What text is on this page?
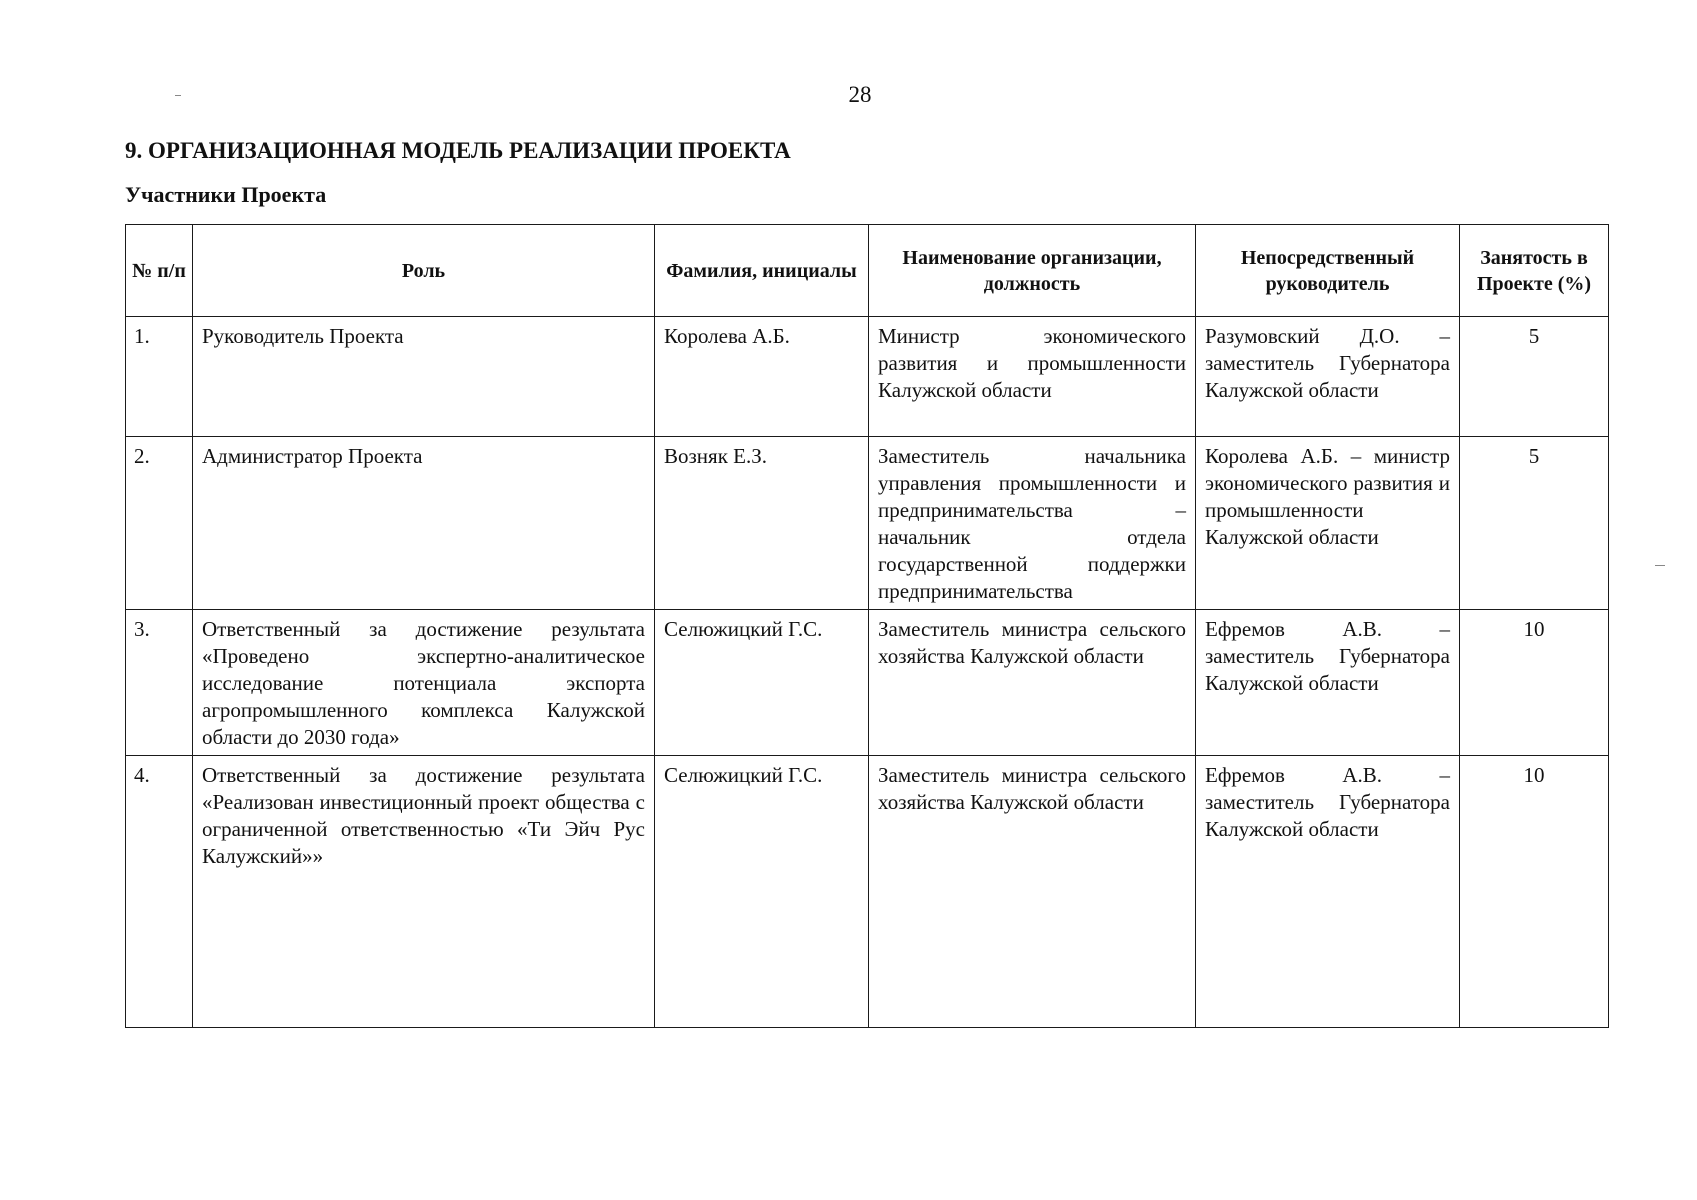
28
9. ОРГАНИЗАЦИОННАЯ МОДЕЛЬ РЕАЛИЗАЦИИ ПРОЕКТА
Участники Проекта
№ п/п	Роль	Фамилия, инициалы	Наименование организации, должность	Непосредственный руководитель	Занятость в Проекте (%)
1.	Руководитель Проекта	Королева А.Б.	Министр экономического развития и промышленности Калужской области	Разумовский Д.О. – заместитель Губернатора Калужской области	5
2.	Администратор Проекта	Возняк Е.З.	Заместитель начальника управления промышленности и предпринимательства – начальник отдела государственной поддержки предпринимательства	Королева А.Б. – министр экономического развития и промышленности Калужской области	5
3.	Ответственный за достижение результата «Проведено экспертно-аналитическое исследование потенциала экспорта агропромышленного комплекса Калужской области до 2030 года»	Селюжицкий Г.С.	Заместитель министра сельского хозяйства Калужской области	Ефремов А.В. – заместитель Губернатора Калужской области	10
4.	Ответственный за достижение результата «Реализован инвестиционный проект общества с ограниченной ответственностью «Ти Эйч Рус Калужский»»	Селюжицкий Г.С.	Заместитель министра сельского хозяйства Калужской области	Ефремов А.В. – заместитель Губернатора Калужской области	10
